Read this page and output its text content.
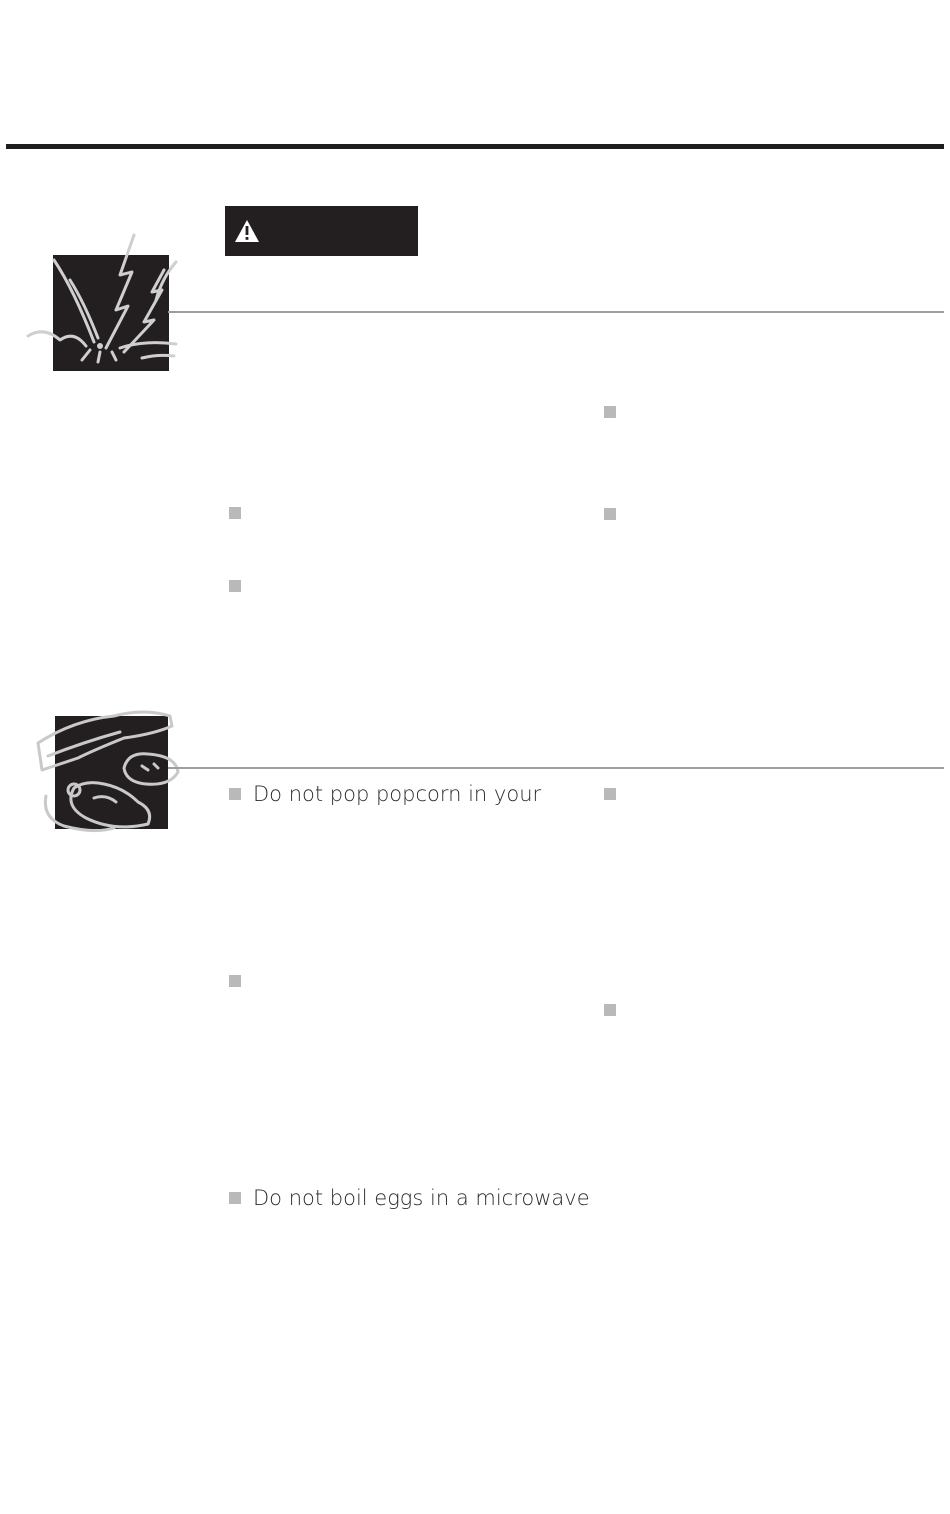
Do not pop popcorn in your
Do not boil eggs in a microwave
